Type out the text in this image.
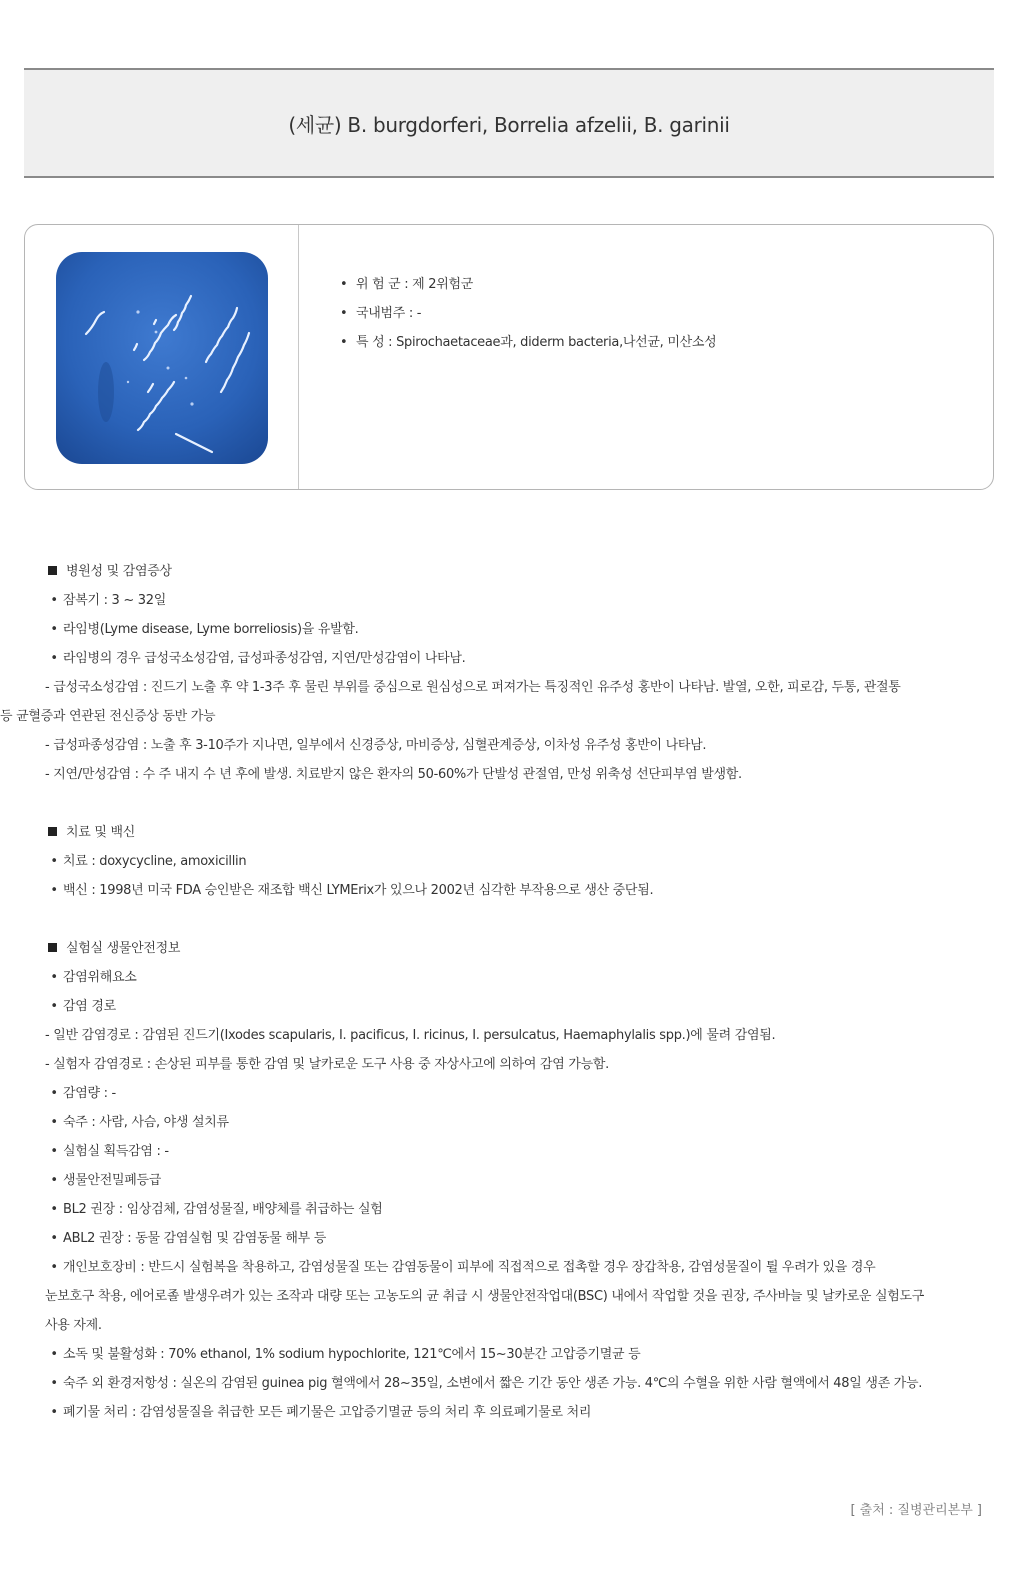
(세균) B. burgdorferi, Borrelia afzelii, B. garinii
• 위 험 군 : 제 2위험군
• 국내범주 : -
• 특 성 : Spirochaetaceae과, diderm bacteria,나선균, 미산소성

병원성 및 감염증상

• 잠복기 : 3 ~ 32일

• 라임병(Lyme disease, Lyme borreliosis)을 유발함.

• 라임병의 경우 급성국소성감염, 급성파종성감염, 지연/만성감염이 나타남.

- 급성국소성감염 : 진드기 노출 후 약 1-3주 후 물린 부위를 중심으로 원심성으로 퍼져가는 특징적인 유주성 홍반이 나타남. 발열, 오한, 피로감, 두통, 관절통

등 균혈증과 연관된 전신증상 동반 가능

- 급성파종성감염 : 노출 후 3-10주가 지나면, 일부에서 신경증상, 마비증상, 심혈관계증상, 이차성 유주성 홍반이 나타남.

- 지연/만성감염 : 수 주 내지 수 년 후에 발생. 치료받지 않은 환자의 50-60%가 단발성 관절염, 만성 위축성 선단피부염 발생함.

치료 및 백신

• 치료 : doxycycline, amoxicillin

• 백신 : 1998년 미국 FDA 승인받은 재조합 백신 LYMErix가 있으나 2002년 심각한 부작용으로 생산 중단됨.

실험실 생물안전정보

• 감염위해요소

• 감염 경로

- 일반 감염경로 : 감염된 진드기(Ixodes scapularis, I. pacificus, I. ricinus, I. persulcatus, Haemaphylalis spp.)에 물려 감염됨.

- 실험자 감염경로 : 손상된 피부를 통한 감염 및 날카로운 도구 사용 중 자상사고에 의하여 감염 가능함.

• 감염량 : -

• 숙주 : 사람, 사슴, 야생 설치류

• 실험실 획득감염 : -

• 생물안전밀폐등급

• BL2 권장 : 임상검체, 감염성물질, 배양체를 취급하는 실험

• ABL2 권장 : 동물 감염실험 및 감염동물 해부 등

• 개인보호장비 : 반드시 실험복을 착용하고, 감염성물질 또는 감염동물이 피부에 직접적으로 접촉할 경우 장갑착용, 감염성물질이 튈 우려가 있을 경우

눈보호구 착용, 에어로졸 발생우려가 있는 조작과 대량 또는 고농도의 균 취급 시 생물안전작업대(BSC) 내에서 작업할 것을 권장, 주사바늘 및 날카로운 실험도구

사용 자제.

• 소독 및 불활성화 : 70% ethanol, 1% sodium hypochlorite, 121℃에서 15~30분간 고압증기멸균 등

• 숙주 외 환경저항성 : 실온의 감염된 guinea pig 혈액에서 28~35일, 소변에서 짧은 기간 동안 생존 가능. 4℃의 수혈을 위한 사람 혈액에서 48일 생존 가능.

• 폐기물 처리 : 감염성물질을 취급한 모든 폐기물은 고압증기멸균 등의 처리 후 의료폐기물로 처리

[ 출처 : 질병관리본부 ]
